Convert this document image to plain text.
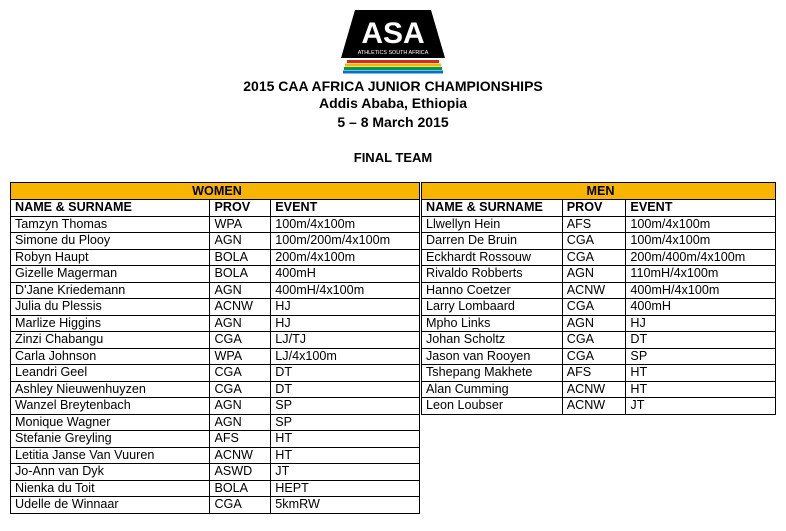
ASA
ATHLETICS SOUTH AFRICA
2015 CAA AFRICA JUNIOR CHAMPIONSHIPS
Addis Ababa, Ethiopia
5 – 8 March 2015
FINAL TEAM
WOMEN		
NAME & SURNAME	PROV	EVENT
Tamzyn Thomas	WPA	100m/4x100m
Simone du Plooy	AGN	100m/200m/4x100m
Robyn Haupt	BOLA	200m/4x100m
Gizelle Magerman	BOLA	400mH
D'Jane Kriedemann	AGN	400mH/4x100m
Julia du Plessis	ACNW	HJ
Marlize Higgins	AGN	HJ
Zinzi Chabangu	CGA	LJ/TJ
Carla Johnson	WPA	LJ/4x100m
Leandri Geel	CGA	DT
Ashley Nieuwenhuyzen	CGA	DT
Wanzel Breytenbach	AGN	SP
Monique Wagner	AGN	SP
Stefanie Greyling	AFS	HT
Letitia Janse Van Vuuren	ACNW	HT
Jo-Ann van Dyk	ASWD	JT
Nienka du Toit	BOLA	HEPT
Udelle de Winnaar	CGA	5kmRW
MEN		
NAME & SURNAME	PROV	EVENT
Llwellyn Hein	AFS	100m/4x100m
Darren De Bruin	CGA	100m/4x100m
Eckhardt Rossouw	CGA	200m/400m/4x100m
Rivaldo Robberts	AGN	110mH/4x100m
Hanno Coetzer	ACNW	400mH/4x100m
Larry Lombaard	CGA	400mH
Mpho Links	AGN	HJ
Johan Scholtz	CGA	DT
Jason van Rooyen	CGA	SP
Tshepang Makhete	AFS	HT
Alan Cumming	ACNW	HT
Leon Loubser	ACNW	JT
